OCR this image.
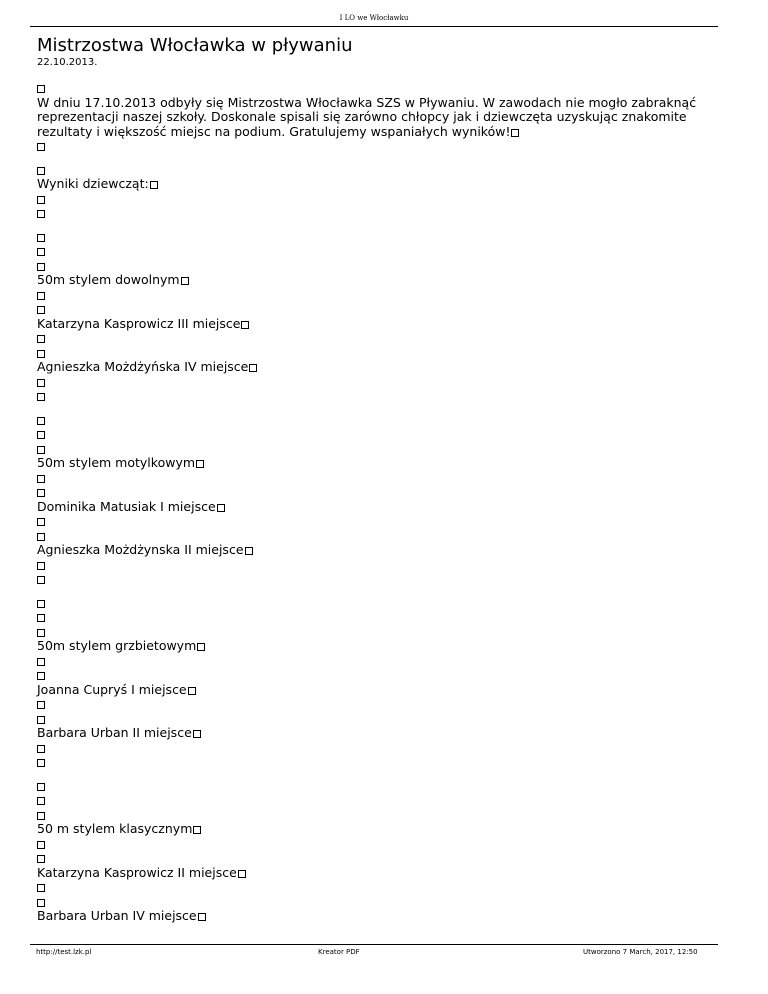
I LO we Włocławku
Mistrzostwa Włocławka w pływaniu
22.10.2013.
W dniu 17.10.2013 odbyły się Mistrzostwa Włocławka SZS w Pływaniu. W zawodach nie mogło zabraknąć reprezentacji naszej szkoły. Doskonale spisali się zarówno chłopcy jak i dziewczęta uzyskując znakomite rezultaty i większość miejsc na podium. Gratulujemy wspaniałych wyników!
Wyniki dziewcząt:
50m stylem dowolnym
Katarzyna Kasprowicz III miejsce
Agnieszka Możdżyńska IV miejsce
50m stylem motylkowym
Dominika Matusiak I miejsce
Agnieszka Możdżynska II miejsce
50m stylem grzbietowym
Joanna Cupryś I miejsce
Barbara Urban II miejsce
50 m stylem klasycznym
Katarzyna Kasprowicz II miejsce
Barbara Urban IV miejsce
http://test.lzk.pl	Kreator PDF	Utworzono 7 March, 2017, 12:50
